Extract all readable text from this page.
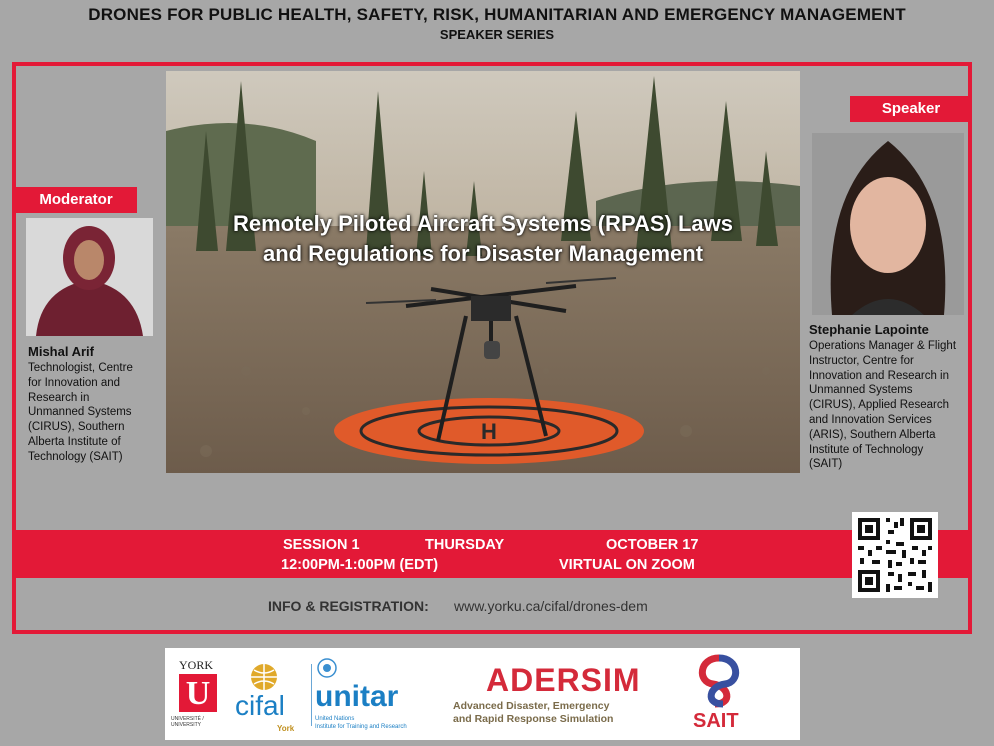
DRONES FOR PUBLIC HEALTH, SAFETY, RISK, HUMANITARIAN AND EMERGENCY MANAGEMENT
SPEAKER SERIES
H
Remotely Piloted Aircraft Systems (RPAS) Laws
and Regulations for Disaster Management
Moderator
Mishal Arif
Technologist, Centre
for Innovation and
Research in
Unmanned Systems
(CIRUS), Southern
Alberta Institute of
Technology (SAIT)
Speaker
Stephanie Lapointe
Operations Manager & Flight
Instructor, Centre for
Innovation and Research in
Unmanned Systems
(CIRUS), Applied Research
and Innovation Services
(ARIS), Southern Alberta
Institute of Technology
(SAIT)
SESSION 1	THURSDAY	OCTOBER 17
12:00PM-1:00PM (EDT)	VIRTUAL ON ZOOM
INFO & REGISTRATION: www.yorku.ca/cifal/drones-dem
YORK
U
UNIVERSITÉ / UNIVERSITY
cifal
York
unitar
United Nations
Institute for Training and Research
ADERSIM
Advanced Disaster, Emergency
and Rapid Response Simulation	SAIT
